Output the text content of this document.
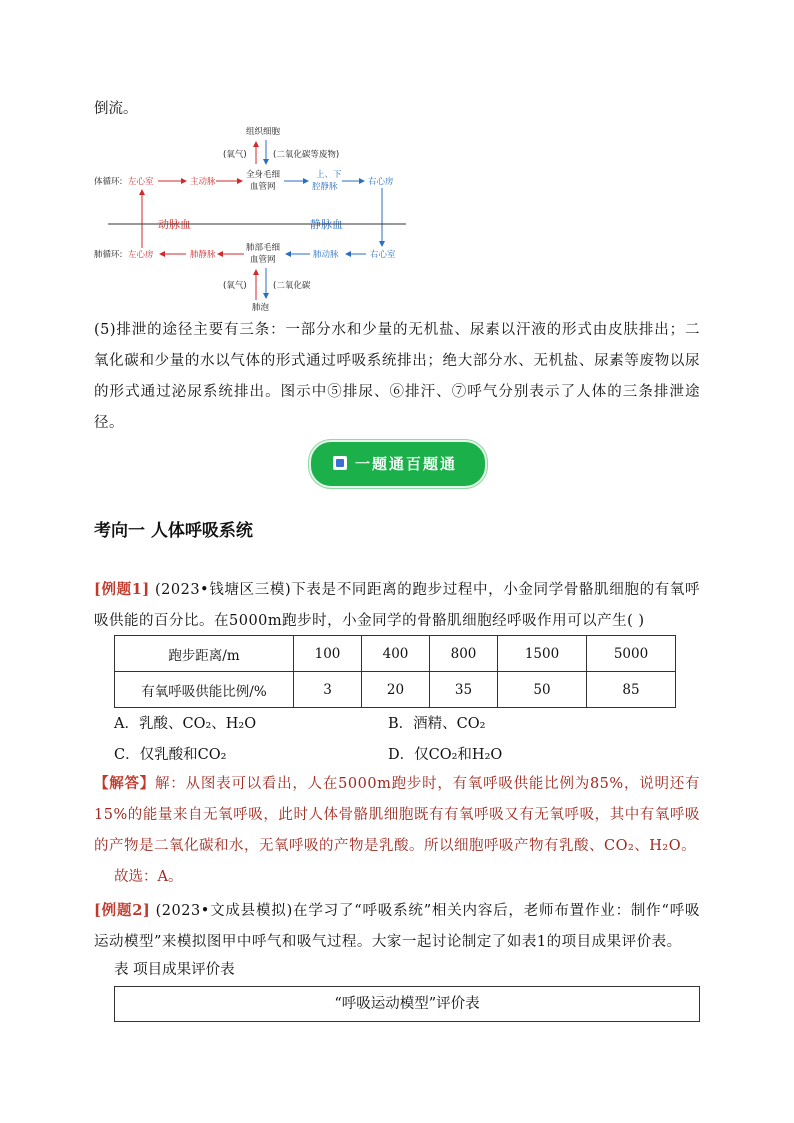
倒流。
组织细胞
(氧气)	(二氧化碳等废物)
体循环:
全身毛细
血管网
肺循环:
肺部毛细
血管网
(氧气)	(二氧化碳
肺泡
左心室	主动脉
左心房	肺静脉
动脉血
上、下
腔静脉	右心房
肺动脉	右心室
静脉血
(5)排泄的途径主要有三条：一部分水和少量的无机盐、尿素以汗液的形式由皮肤排出；二氧化碳和少量的水以气体的形式通过呼吸系统排出；绝大部分水、无机盐、尿素等废物以尿的形式通过泌尿系统排出。图示中⑤排尿、⑥排汗、⑦呼气分别表示了人体的三条排泄途径。
一题通百题通
考向一 人体呼吸系统
[例题1] (2023•钱塘区三模)下表是不同距离的跑步过程中，小金同学骨骼肌细胞的有氧呼吸供能的百分比。在5000m跑步时，小金同学的骨骼肌细胞经呼吸作用可以产生( )
跑步距离/m	100	400	800	1500	5000
有氧呼吸供能比例/%	3	20	35	50	85
A．乳酸、CO₂、H₂O	B．酒精、CO₂
C．仅乳酸和CO₂	D．仅CO₂和H₂O
【解答】解：从图表可以看出，人在5000m跑步时，有氧呼吸供能比例为85%，说明还有15%的能量来自无氧呼吸，此时人体骨骼肌细胞既有有氧呼吸又有无氧呼吸，其中有氧呼吸的产物是二氧化碳和水，无氧呼吸的产物是乳酸。所以细胞呼吸产物有乳酸、CO₂、H₂O。
故选：A。
[例题2] (2023•文成县模拟)在学习了“呼吸系统”相关内容后，老师布置作业：制作“呼吸运动模型”来模拟图甲中呼气和吸气过程。大家一起讨论制定了如表1的项目成果评价表。
表 项目成果评价表
“呼吸运动模型”评价表
